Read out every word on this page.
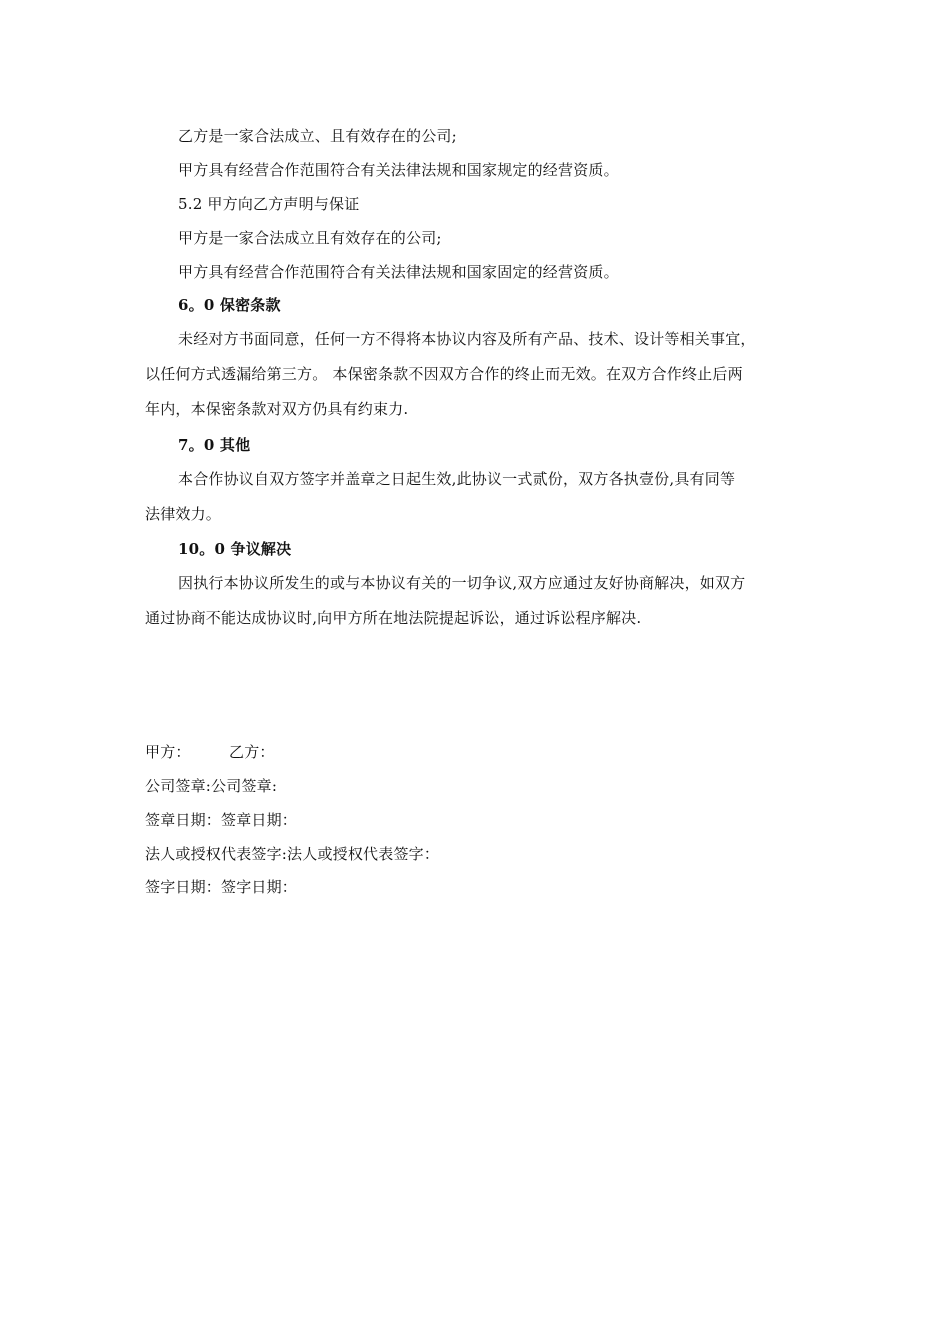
乙方是一家合法成立、且有效存在的公司;
甲方具有经营合作范围符合有关法律法规和国家规定的经营资质。
5.2 甲方向乙方声明与保证
甲方是一家合法成立且有效存在的公司;
甲方具有经营合作范围符合有关法律法规和国家固定的经营资质。
6。0 保密条款
未经对方书面同意，任何一方不得将本协议内容及所有产品、技术、设计等相关事宜，
以任何方式透漏给第三方。 本保密条款不因双方合作的终止而无效。在双方合作终止后两
年内，本保密条款对双方仍具有约束力.
7。0 其他
本合作协议自双方签字并盖章之日起生效,此协议一式贰份，双方各执壹份,具有同等
法律效力。
10。0 争议解决
因执行本协议所发生的或与本协议有关的一切争议,双方应通过友好协商解决，如双方
通过协商不能达成协议时,向甲方所在地法院提起诉讼，通过诉讼程序解决.
甲方：	乙方：
公司签章:公司签章:
签章日期：签章日期：
法人或授权代表签字:法人或授权代表签字：
签字日期：签字日期：
